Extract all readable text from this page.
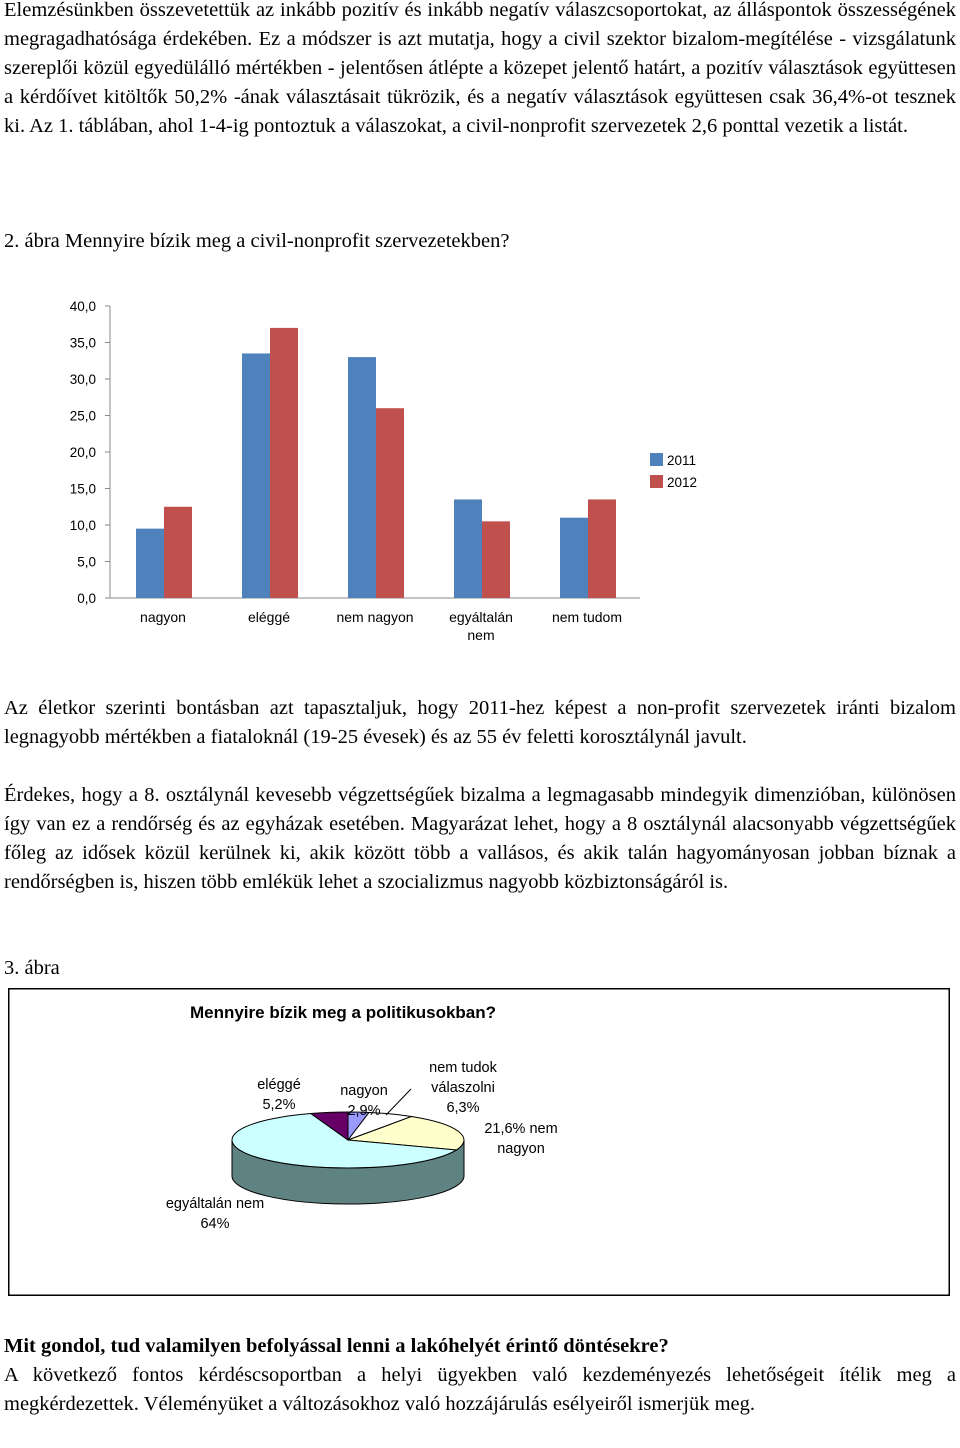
Elemzésünkben összevetettük az inkább pozitív és inkább negatív válaszcsoportokat, az álláspontok összességének megragadhatósága érdekében. Ez a módszer is azt mutatja, hogy a civil szektor bizalom-megítélése - vizsgálatunk szereplői közül egyedülálló mértékben - jelentősen átlépte a közepet jelentő határt, a pozitív választások együttesen a kérdőívet kitöltők 50,2% -ának választásait tükrözik, és a negatív választások együttesen csak 36,4%-ot tesznek ki. Az 1. táblában, ahol 1-4-ig pontoztuk a válaszokat, a civil-nonprofit szervezetek 2,6 ponttal vezetik a listát.

2. ábra Mennyire bízik meg a civil-nonprofit szervezetekben?

0,0
5,0
10,0
15,0
20,0
25,0
30,0
35,0
40,0
nagyon	eléggé	nem nagyon	egyáltalán nem
nem tudom
2011
2012

Az életkor szerinti bontásban azt tapasztaljuk, hogy 2011-hez képest a non-profit szervezetek iránti bizalom legnagyobb mértékben a fiataloknál (19-25 évesek) és az 55 év feletti korosztálynál javult.

Érdekes, hogy a 8. osztálynál kevesebb végzettségűek bizalma a legmagasabb mindegyik dimenzióban, különösen így van ez a rendőrség és az egyházak esetében. Magyarázat lehet, hogy a 8 osztálynál alacsonyabb végzettségűek főleg az idősek közül kerülnek ki, akik között több a vallásos, és akik talán hagyományosan jobban bíznak a rendőrségben is, hiszen több emlékük lehet a szocializmus nagyobb közbiztonságáról is.

3. ábra

Mennyire bízik meg a politikusokban?
nagyon 2,9%
nem tudok válaszolni 6,3%
21,6% nem nagyon
egyáltalán nem 64%
eléggé 5,2%

Mit gondol, tud valamilyen befolyással lenni a lakóhelyét érintő döntésekre?

A következő fontos kérdéscsoportban a helyi ügyekben való kezdeményezés lehetőségeit ítélik meg a megkérdezettek. Véleményüket a változásokhoz való hozzájárulás esélyeiről ismerjük meg.
